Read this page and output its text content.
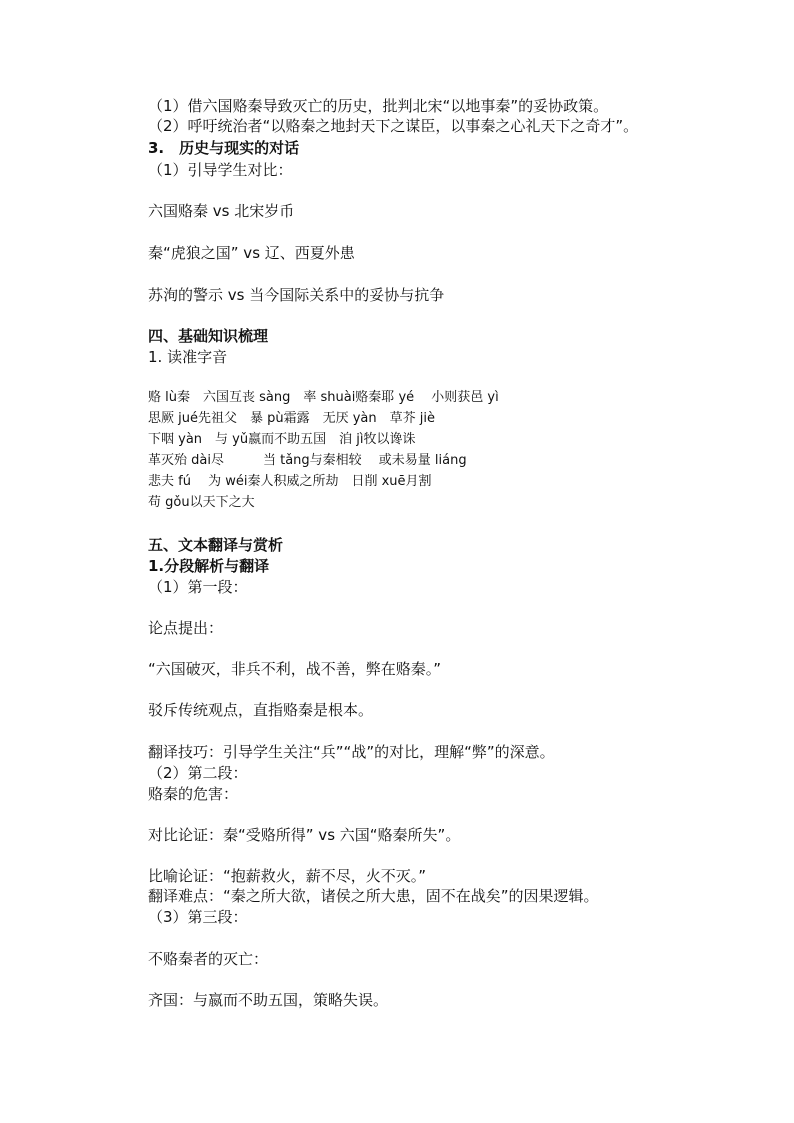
（1）借六国赂秦导致灭亡的历史，批判北宋“以地事秦”的妥协政策。
（2）呼吁统治者“以赂秦之地封天下之谋臣，以事秦之心礼天下之奇才”。
3.　历史与现实的对话
（1）引导学生对比：
六国赂秦 vs 北宋岁币
秦“虎狼之国” vs 辽、西夏外患
苏洵的警示 vs 当今国际关系中的妥协与抗争
四、基础知识梳理
1. 读准字音
赂 lù秦　六国互丧 sàng　率 shuài赂秦耶 yé　 小则获邑 yì
思厥 jué先祖父　暴 pù霜露　无厌 yàn　草芥 jiè
下咽 yàn　与 yǔ嬴而不助五国　洎 jì牧以谗诛
革灭殆 dài尽　　　当 tǎng与秦相较　 或未易量 liáng
悲夫 fú　 为 wéi秦人积威之所劫　日削 xuē月割
苟 gǒu以天下之大
五、文本翻译与赏析
1.分段解析与翻译
（1）第一段：
论点提出：
“六国破灭，非兵不利，战不善，弊在赂秦。”
驳斥传统观点，直指赂秦是根本。
翻译技巧：引导学生关注“兵”“战”的对比，理解“弊”的深意。
（2）第二段：
赂秦的危害：
对比论证：秦“受赂所得” vs 六国“赂秦所失”。
比喻论证：“抱薪救火，薪不尽，火不灭。”
翻译难点：“秦之所大欲，诸侯之所大患，固不在战矣”的因果逻辑。
（3）第三段：
不赂秦者的灭亡：
齐国：与嬴而不助五国，策略失误。
